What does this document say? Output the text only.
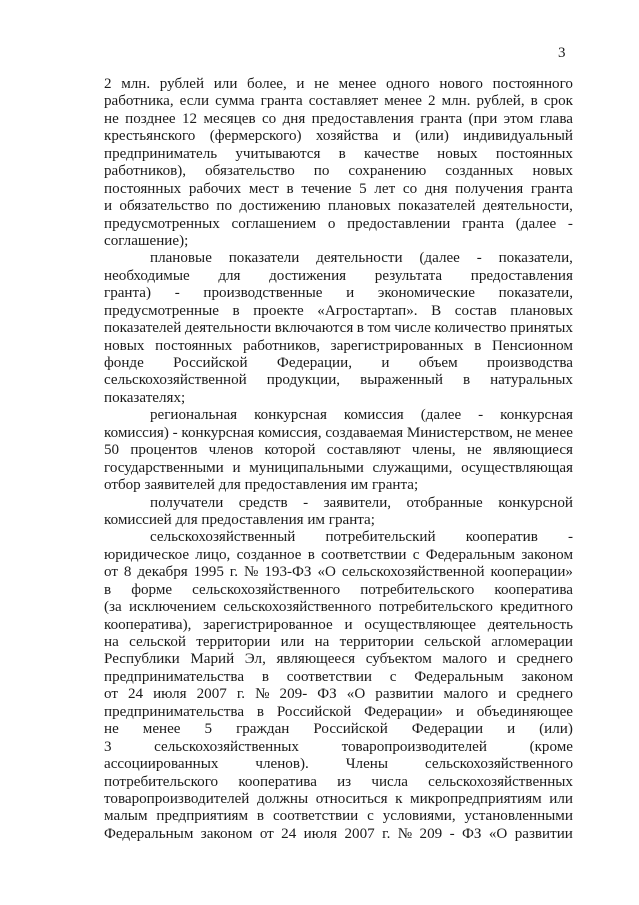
3
2 млн. рублей или более, и не менее одного нового постоянного
работника, если сумма гранта составляет менее 2 млн. рублей, в срок
не позднее 12 месяцев со дня предоставления гранта (при этом глава
крестьянского (фермерского) хозяйства и (или) индивидуальный
предприниматель учитываются в качестве новых постоянных
работников), обязательство по сохранению созданных новых
постоянных рабочих мест в течение 5 лет со дня получения гранта
и обязательство по достижению плановых показателей деятельности,
предусмотренных соглашением о предоставлении гранта (далее -
соглашение);
плановые показатели деятельности (далее - показатели,
необходимые для достижения результата предоставления
гранта) - производственные и экономические показатели,
предусмотренные в проекте «Агростартап». В состав плановых
показателей деятельности включаются в том числе количество принятых
новых постоянных работников, зарегистрированных в Пенсионном
фонде Российской Федерации, и объем производства
сельскохозяйственной продукции, выраженный в натуральных
показателях;
региональная конкурсная комиссия (далее - конкурсная
комиссия) - конкурсная комиссия, создаваемая Министерством, не менее
50 процентов членов которой составляют члены, не являющиеся
государственными и муниципальными служащими, осуществляющая
отбор заявителей для предоставления им гранта;
получатели средств - заявители, отобранные конкурсной
комиссией для предоставления им гранта;
сельскохозяйственный потребительский кооператив -
юридическое лицо, созданное в соответствии с Федеральным законом
от 8 декабря 1995 г. № 193-ФЗ «О сельскохозяйственной кооперации»
в форме сельскохозяйственного потребительского кооператива
(за исключением сельскохозяйственного потребительского кредитного
кооператива), зарегистрированное и осуществляющее деятельность
на сельской территории или на территории сельской агломерации
Республики Марий Эл, являющееся субъектом малого и среднего
предпринимательства в соответствии с Федеральным законом
от 24 июля 2007 г. № 209- ФЗ «О развитии малого и среднего
предпринимательства в Российской Федерации» и объединяющее
не менее 5 граждан Российской Федерации и (или)
3	сельскохозяйственных	товаропроизводителей	(кроме
ассоциированных членов). Члены сельскохозяйственного
потребительского кооператива из числа сельскохозяйственных
товаропроизводителей должны относиться к микропредприятиям или
малым предприятиям в соответствии с условиями, установленными
Федеральным законом от 24 июля 2007 г. № 209 - ФЗ «О развитии
